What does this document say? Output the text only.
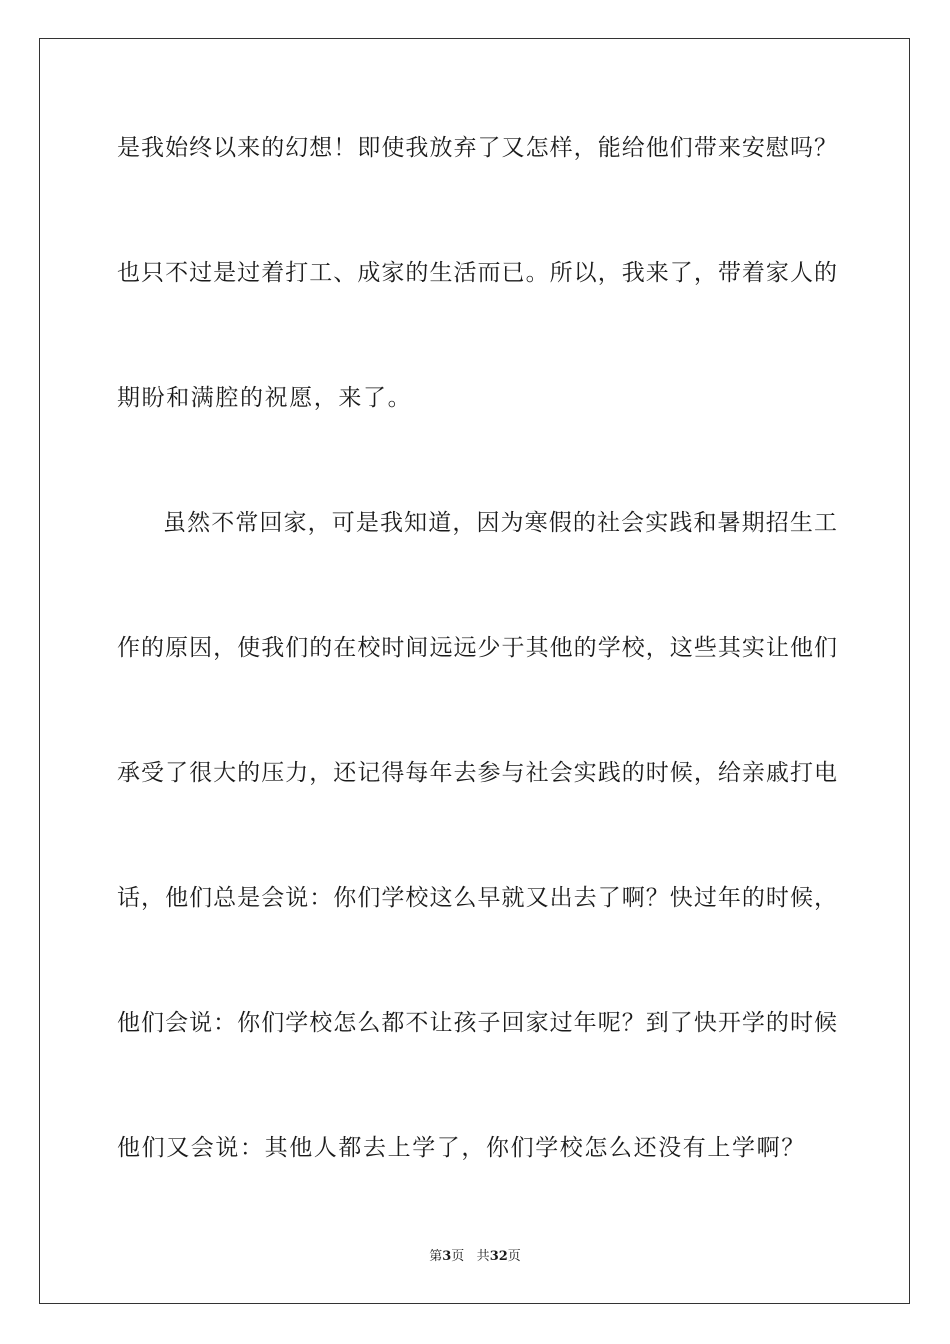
是我始终以来的幻想！即使我放弃了又怎样，能给他们带来安慰吗？
也只不过是过着打工、成家的生活而已。所以，我来了，带着家人的
期盼和满腔的祝愿，来了。
虽然不常回家，可是我知道，因为寒假的社会实践和暑期招生工
作的原因，使我们的在校时间远远少于其他的学校，这些其实让他们
承受了很大的压力，还记得每年去参与社会实践的时候，给亲戚打电
话，他们总是会说：你们学校这么早就又出去了啊？快过年的时候，
他们会说：你们学校怎么都不让孩子回家过年呢？到了快开学的时候
他们又会说：其他人都去上学了，你们学校怎么还没有上学啊？
第3页 共32页
